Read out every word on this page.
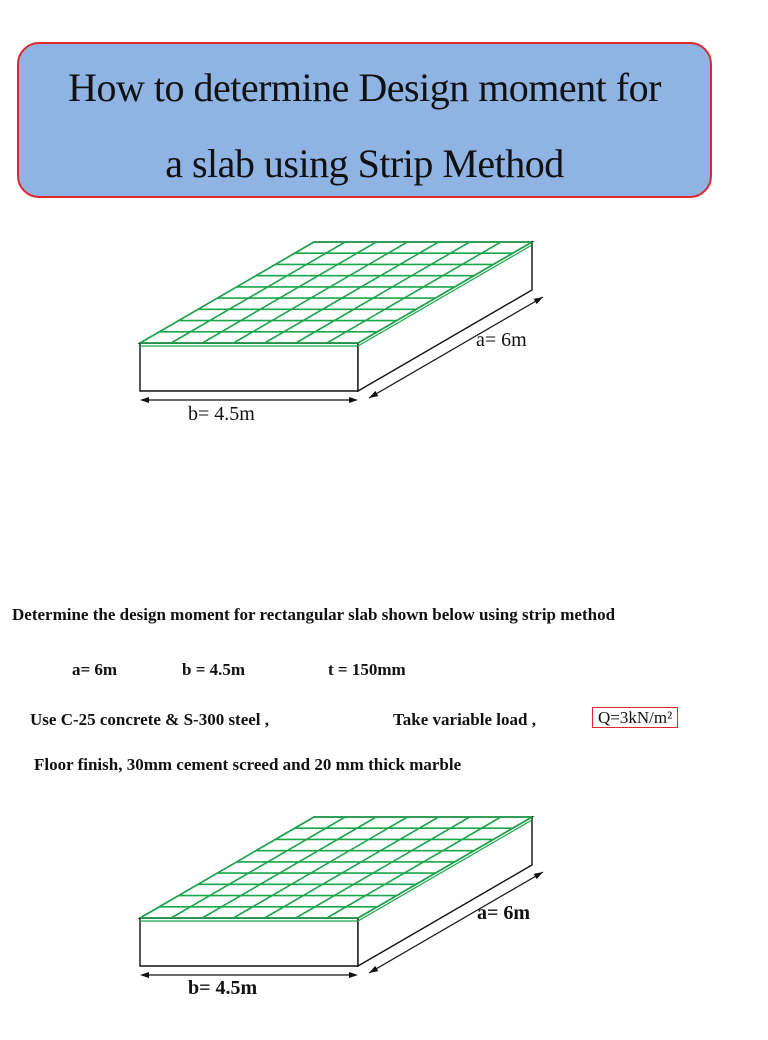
How to determine Design moment for
a slab using Strip Method
a= 6m
b= 4.5m
Determine the design moment for rectangular slab shown below using strip method
a= 6m	b = 4.5m	t = 150mm
Use C-25 concrete & S-300 steel ,	Take variable load ,	Q=3kN/m²
Floor finish, 30mm cement screed and 20 mm thick marble
a= 6m
b= 4.5m
